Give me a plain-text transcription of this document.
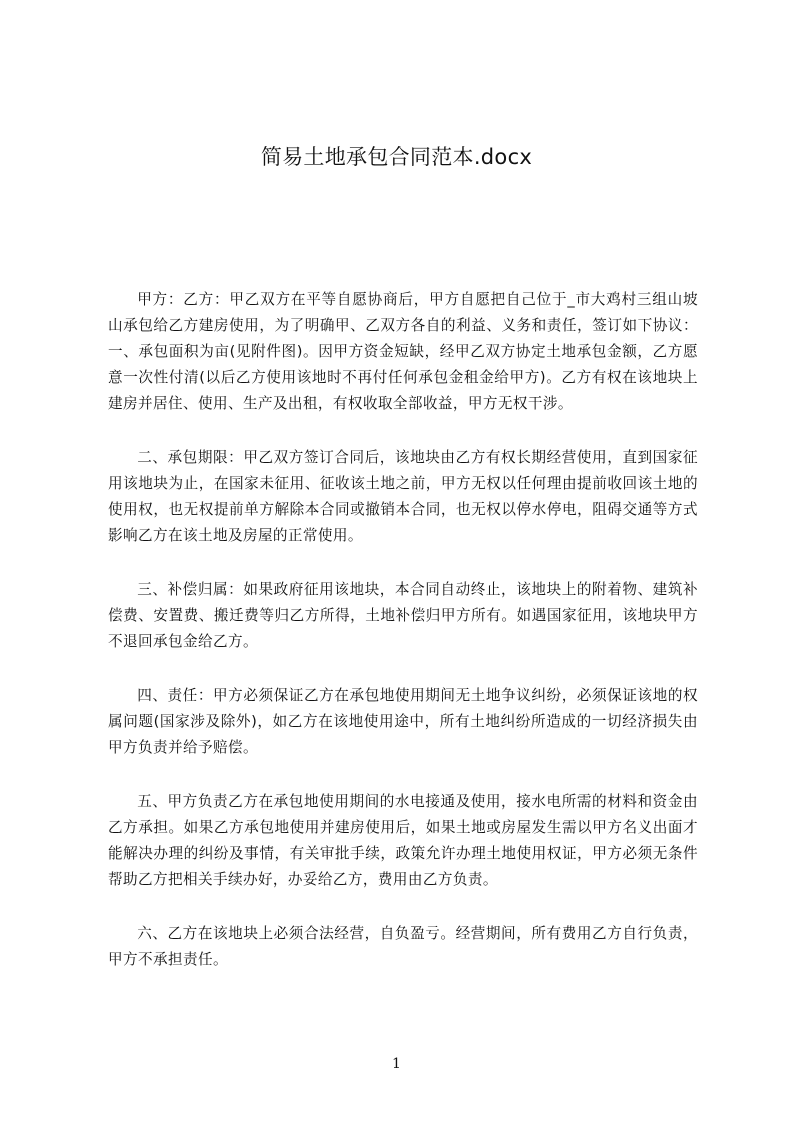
简易土地承包合同范本.docx

甲方：乙方：甲乙双方在平等自愿协商后，甲方自愿把自己位于_市大鸡村三组山坡山承包给乙方建房使用，为了明确甲、乙双方各自的利益、义务和责任，签订如下协议：一、承包面积为亩(见附件图)。因甲方资金短缺，经甲乙双方协定土地承包金额，乙方愿意一次性付清(以后乙方使用该地时不再付任何承包金租金给甲方)。乙方有权在该地块上建房并居住、使用、生产及出租，有权收取全部收益，甲方无权干涉。

二、承包期限：甲乙双方签订合同后，该地块由乙方有权长期经营使用，直到国家征用该地块为止，在国家未征用、征收该土地之前，甲方无权以任何理由提前收回该土地的使用权，也无权提前单方解除本合同或撤销本合同，也无权以停水停电，阻碍交通等方式影响乙方在该土地及房屋的正常使用。

三、补偿归属：如果政府征用该地块，本合同自动终止，该地块上的附着物、建筑补偿费、安置费、搬迁费等归乙方所得，土地补偿归甲方所有。如遇国家征用，该地块甲方不退回承包金给乙方。

四、责任：甲方必须保证乙方在承包地使用期间无土地争议纠纷，必须保证该地的权属问题(国家涉及除外)，如乙方在该地使用途中，所有土地纠纷所造成的一切经济损失由甲方负责并给予赔偿。

五、甲方负责乙方在承包地使用期间的水电接通及使用，接水电所需的材料和资金由乙方承担。如果乙方承包地使用并建房使用后，如果土地或房屋发生需以甲方名义出面才能解决办理的纠纷及事情，有关审批手续，政策允许办理土地使用权证，甲方必须无条件帮助乙方把相关手续办好，办妥给乙方，费用由乙方负责。

六、乙方在该地块上必须合法经营，自负盈亏。经营期间，所有费用乙方自行负责，甲方不承担责任。

1
